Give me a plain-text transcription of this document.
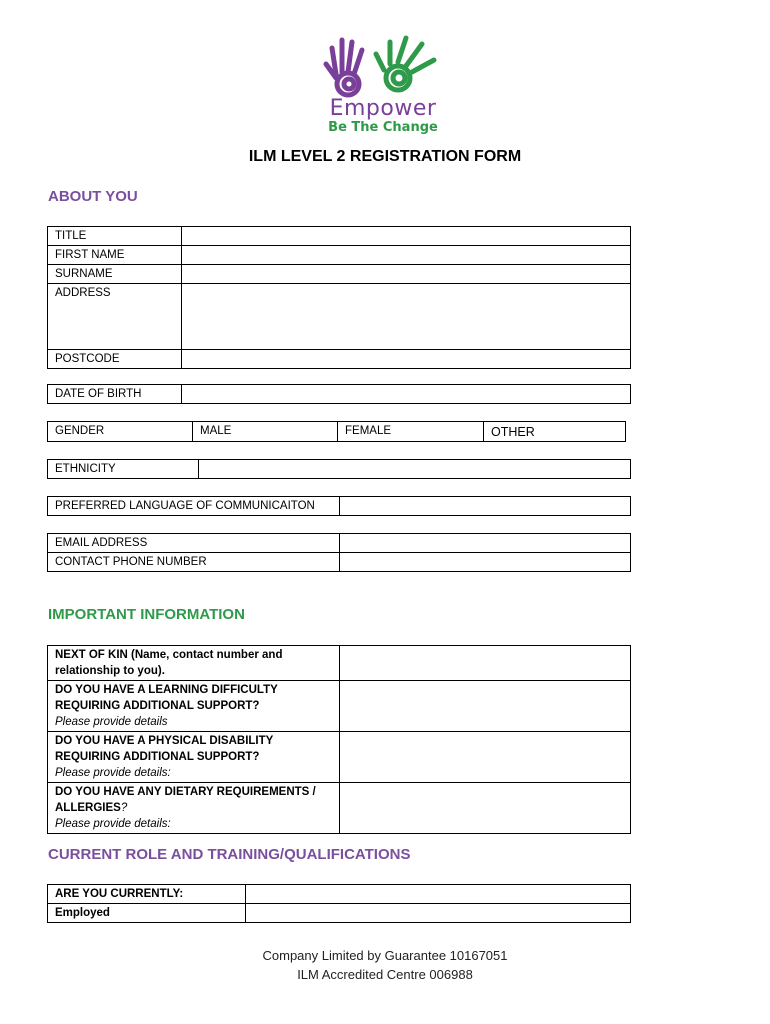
Empower
Be The Change
ILM LEVEL 2 REGISTRATION FORM
ABOUT YOU
TITLE	
FIRST NAME	
SURNAME	
ADDRESS	
POSTCODE	
DATE OF BIRTH	
GENDER	MALE	FEMALE	OTHER
ETHNICITY	
PREFERRED LANGUAGE OF COMMUNICAITON	
EMAIL ADDRESS	
CONTACT PHONE NUMBER	
IMPORTANT INFORMATION
NEXT OF KIN (Name, contact number and relationship to you).	

DO YOU HAVE A LEARNING DIFFICULTY REQUIRING ADDITIONAL SUPPORT?
Please provide details	

DO YOU HAVE A PHYSICAL DISABILITY REQUIRING ADDITIONAL SUPPORT?
Please provide details:	

DO YOU HAVE ANY DIETARY REQUIREMENTS / ALLERGIES?
Please provide details:	

CURRENT ROLE AND TRAINING/QUALIFICATIONS
ARE YOU CURRENTLY:	
Employed	
Company Limited by Guarantee 10167051
ILM Accredited Centre 006988
